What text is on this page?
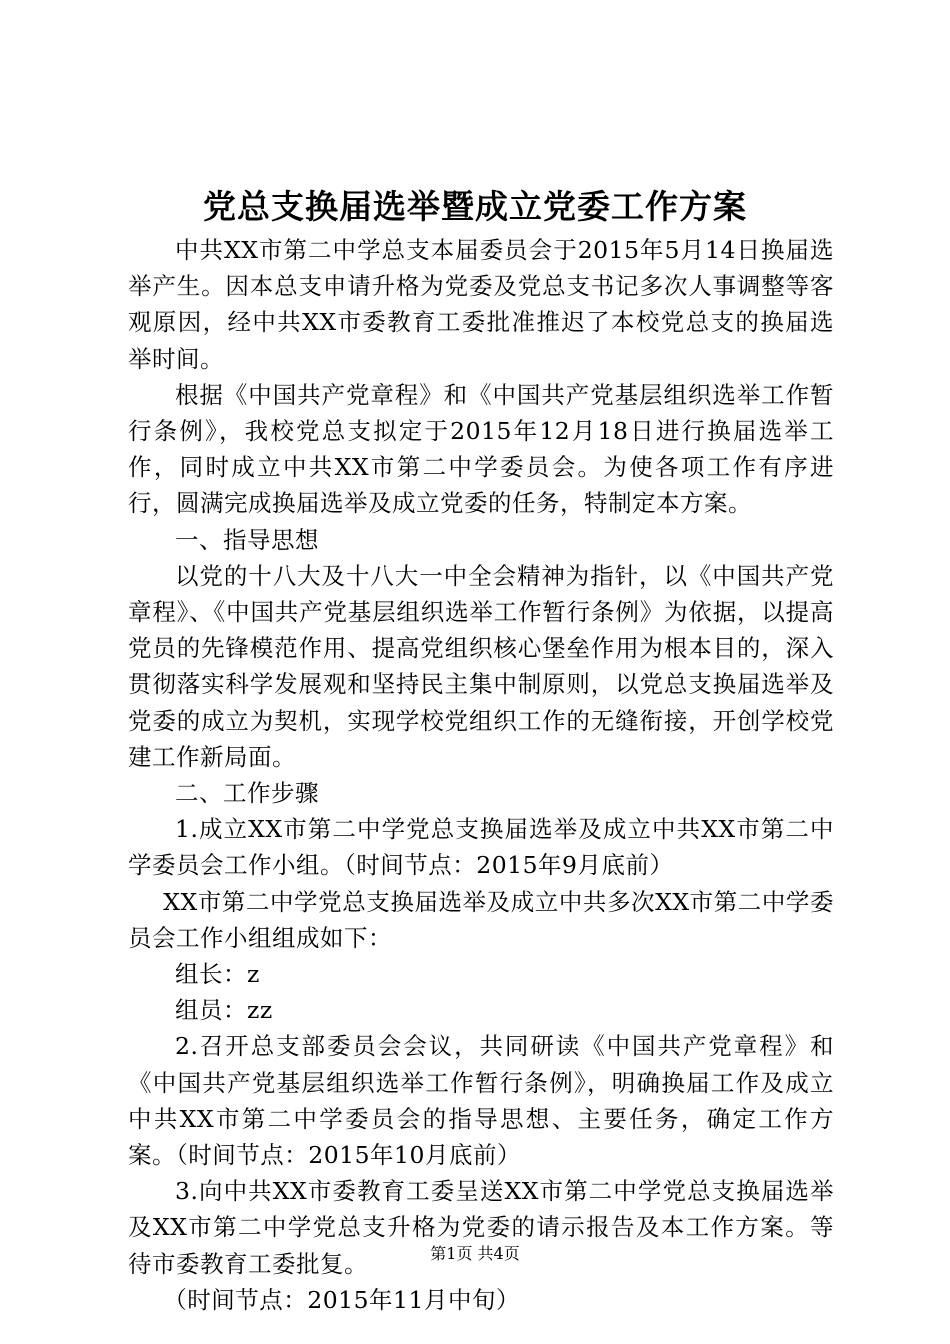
党总支换届选举暨成立党委工作方案

中共XX市第二中学总支本届委员会于2015年5月14日换届选举产生。因本总支申请升格为党委及党总支书记多次人事调整等客观原因，经中共XX市委教育工委批准推迟了本校党总支的换届选举时间。

根据《中国共产党章程》和《中国共产党基层组织选举工作暂行条例》，我校党总支拟定于2015年12月18日进行换届选举工作，同时成立中共XX市第二中学委员会。为使各项工作有序进行，圆满完成换届选举及成立党委的任务，特制定本方案。

一、指导思想

以党的十八大及十八大一中全会精神为指针，以《中国共产党章程》、《中国共产党基层组织选举工作暂行条例》为依据，以提高党员的先锋模范作用、提高党组织核心堡垒作用为根本目的，深入贯彻落实科学发展观和坚持民主集中制原则，以党总支换届选举及党委的成立为契机，实现学校党组织工作的无缝衔接，开创学校党建工作新局面。

二、工作步骤

1.成立XX市第二中学党总支换届选举及成立中共XX市第二中学委员会工作小组。（时间节点：2015年9月底前）

XX市第二中学党总支换届选举及成立中共多次XX市第二中学委员会工作小组组成如下：

组长：z

组员：zz

2.召开总支部委员会会议，共同研读《中国共产党章程》和《中国共产党基层组织选举工作暂行条例》，明确换届工作及成立中共XX市第二中学委员会的指导思想、主要任务，确定工作方案。（时间节点：2015年10月底前）

3.向中共XX市委教育工委呈送XX市第二中学党总支换届选举及XX市第二中学党总支升格为党委的请示报告及本工作方案。等待市委教育工委批复。

（时间节点：2015年11月中旬）

第1页 共4页
